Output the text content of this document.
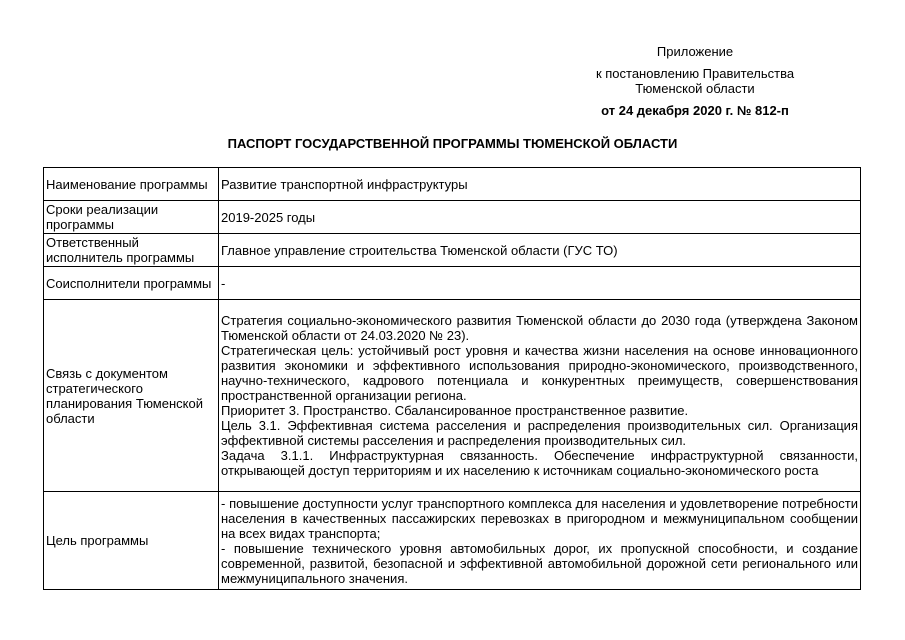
Приложение
к постановлению Правительства
Тюменской области
от 24 декабря 2020 г. № 812-п
ПАСПОРТ ГОСУДАРСТВЕННОЙ ПРОГРАММЫ ТЮМЕНСКОЙ ОБЛАСТИ
Наименование программы	Развитие транспортной инфраструктуры
Сроки реализации программы	2019-2025 годы
Ответственный исполнитель программы	Главное управление строительства Тюменской области (ГУС ТО)
Соисполнители программы	-
Связь с документом стратегического планирования Тюменской области	Стратегия социально-экономического развития Тюменской области до 2030 года (утверждена Законом Тюменской области от 24.03.2020 № 23).
Стратегическая цель: устойчивый рост уровня и качества жизни населения на основе инновационного развития экономики и эффективного использования природно-экономического, производственного, научно-технического, кадрового потенциала и конкурентных преимуществ, совершенствования пространственной организации региона.
Приоритет 3. Пространство. Сбалансированное пространственное развитие.
Цель 3.1. Эффективная система расселения и распределения производительных сил. Организация эффективной системы расселения и распределения производительных сил.
Задача 3.1.1. Инфраструктурная связанность. Обеспечение инфраструктурной связанности, открывающей доступ территориям и их населению к источникам социально-экономического роста

Цель программы	- повышение доступности услуг транспортного комплекса для населения и удовлетворение потребности населения в качественных пассажирских перевозках в пригородном и межмуниципальном сообщении на всех видах транспорта;
- повышение технического уровня автомобильных дорог, их пропускной способности, и создание современной, развитой, безопасной и эффективной автомобильной дорожной сети регионального или межмуниципального значения.
